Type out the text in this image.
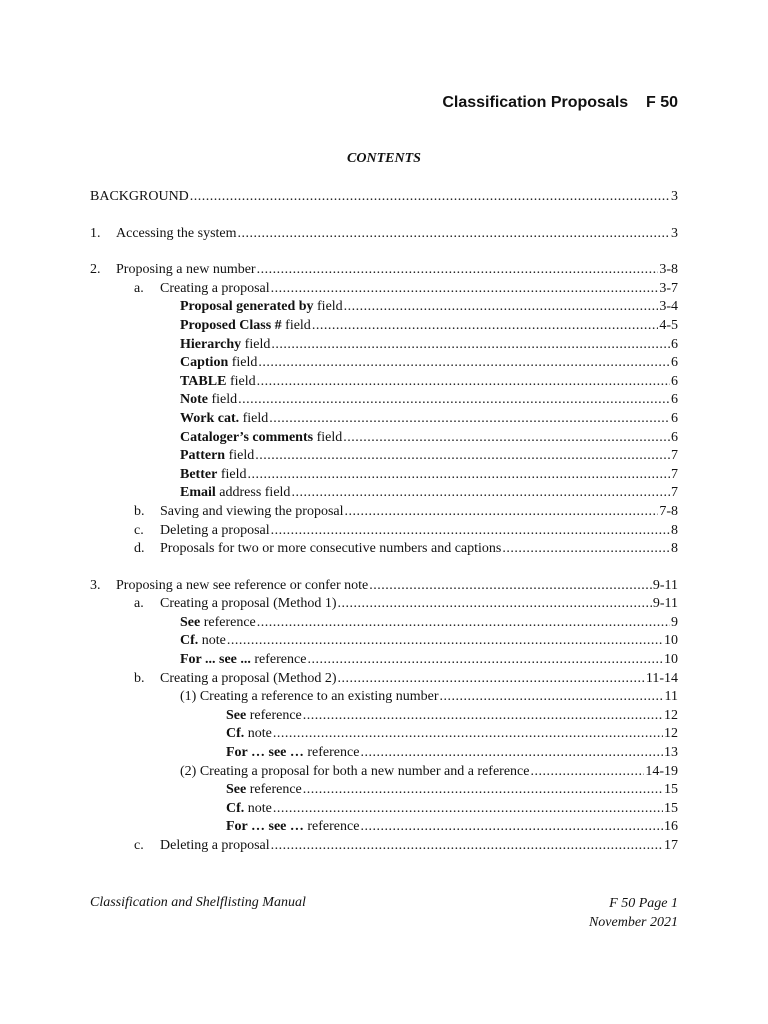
Classification Proposals    F 50
CONTENTS
BACKGROUND .....	3
1.	Accessing the system .....	3
2.	Proposing a new number .....	3-8
a.	Creating a proposal .....	3-7
Proposal generated by field .....	3-4
Proposed Class # field .....	4-5
Hierarchy field .....	6
Caption field .....	6
TABLE field .....	6
Note field .....	6
Work cat. field .....	6
Cataloger’s comments field .....	6
Pattern field .....	7
Better field .....	7
Email address field .....	7
b.	Saving and viewing the proposal .....	7-8
c.	Deleting a proposal .....	8
d.	Proposals for two or more consecutive numbers and captions .....	8
3.	Proposing a new see reference or confer note .....	9-11
a.	Creating a proposal (Method 1) .....	9-11
See reference .....	9
Cf. note .....	10
For ... see ... reference .....	10
b.	Creating a proposal (Method 2) .....	11-14
(1) Creating a reference to an existing number .....	11
See reference .....	12
Cf. note .....	12
For … see … reference .....	13
(2) Creating a proposal for both a new number and a reference .....	14-19
See reference .....	15
Cf. note .....	15
For … see … reference .....	16
c.	Deleting a proposal .....	17
Classification and Shelflisting Manual	F 50 Page 1
November 2021
